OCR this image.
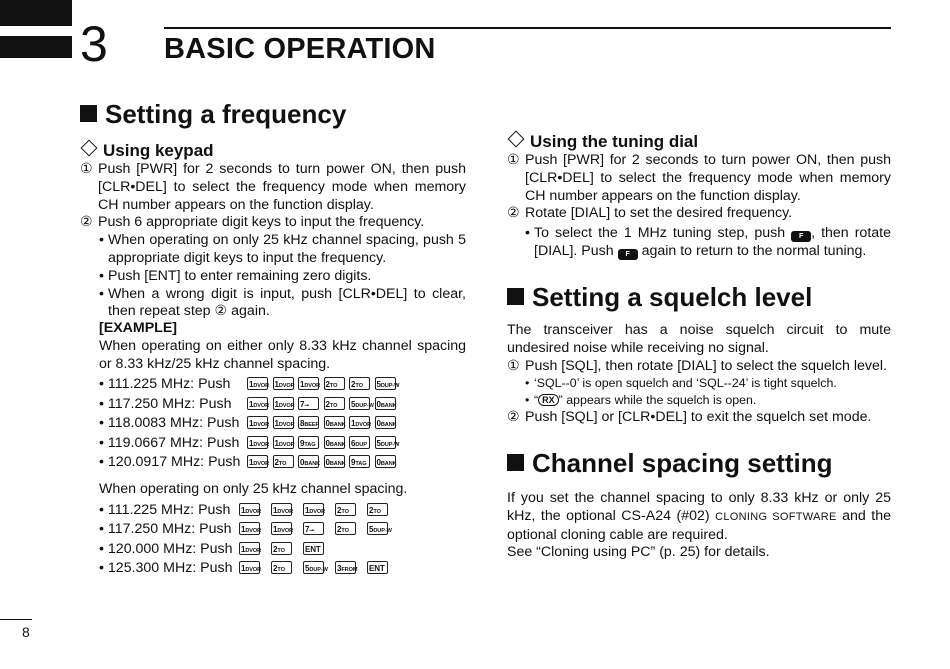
3 BASIC OPERATION
Setting a frequency
Using keypad
① Push [PWR] for 2 seconds to turn power ON, then push [CLR•DEL] to select the frequency mode when memory CH number appears on the function display.
② Push 6 appropriate digit keys to input the frequency.
• When operating on only 25 kHz channel spacing, push 5 appropriate digit keys to input the frequency.
• Push [ENT] to enter remaining zero digits.
• When a wrong digit is input, push [CLR•DEL] to clear, then repeat step ② again.
[EXAMPLE]
When operating on either only 8.33 kHz channel spacing or 8.33 kHz/25 kHz channel spacing.
• 111.225 MHz: Push 1DVOR 1DVOR 1DVOR 2TO	2TO	5DUP-W
• 117.250 MHz: Push 1DVOR 1DVOR 7⊸	2TO	5DUP-W 0BANK
• 118.0083 MHz: Push 1DVOR 1DVOR 8BEEP 0BANK 1DVOR 0BANK
• 119.0667 MHz: Push 1DVOR 1DVOR 9TAG	0BANK 6DUP	5DUP-W
• 120.0917 MHz: Push 1DVOR 2TO	0BANK 0BANK 9TAG	0BANK
When operating on only 25 kHz channel spacing.
• 111.225 MHz: Push 1DVOR 1DVOR 1DVOR 2TO	2TO
• 117.250 MHz: Push 1DVOR 1DVOR 7⊸	2TO	5DUP-W
• 120.000 MHz: Push 1DVOR 2TO	ENT
• 125.300 MHz: Push 1DVOR 2TO	5DUP-W 3FROM ENT
Using the tuning dial
① Push [PWR] for 2 seconds to turn power ON, then push [CLR•DEL] to select the frequency mode when memory CH number appears on the function display.
② Rotate [DIAL] to set the desired frequency.
• To select the 1 MHz tuning step, push F , then rotate [DIAL]. Push F again to return to the normal tuning.
Setting a squelch level
The transceiver has a noise squelch circuit to mute undesired noise while receiving no signal.
① Push [SQL], then rotate [DIAL] to select the squelch level.
• ‘SQL--0’ is open squelch and ‘SQL--24’ is tight squelch.
• “ RX ” appears while the squelch is open.
② Push [SQL] or [CLR•DEL] to exit the squelch set mode.
Channel spacing setting
If you set the channel spacing to only 8.33 kHz or only 25 kHz, the optional CS-A24 (#02) CLONING SOFTWARE and the optional cloning cable are required.
See “Cloning using PC” (p. 25) for details.
8
